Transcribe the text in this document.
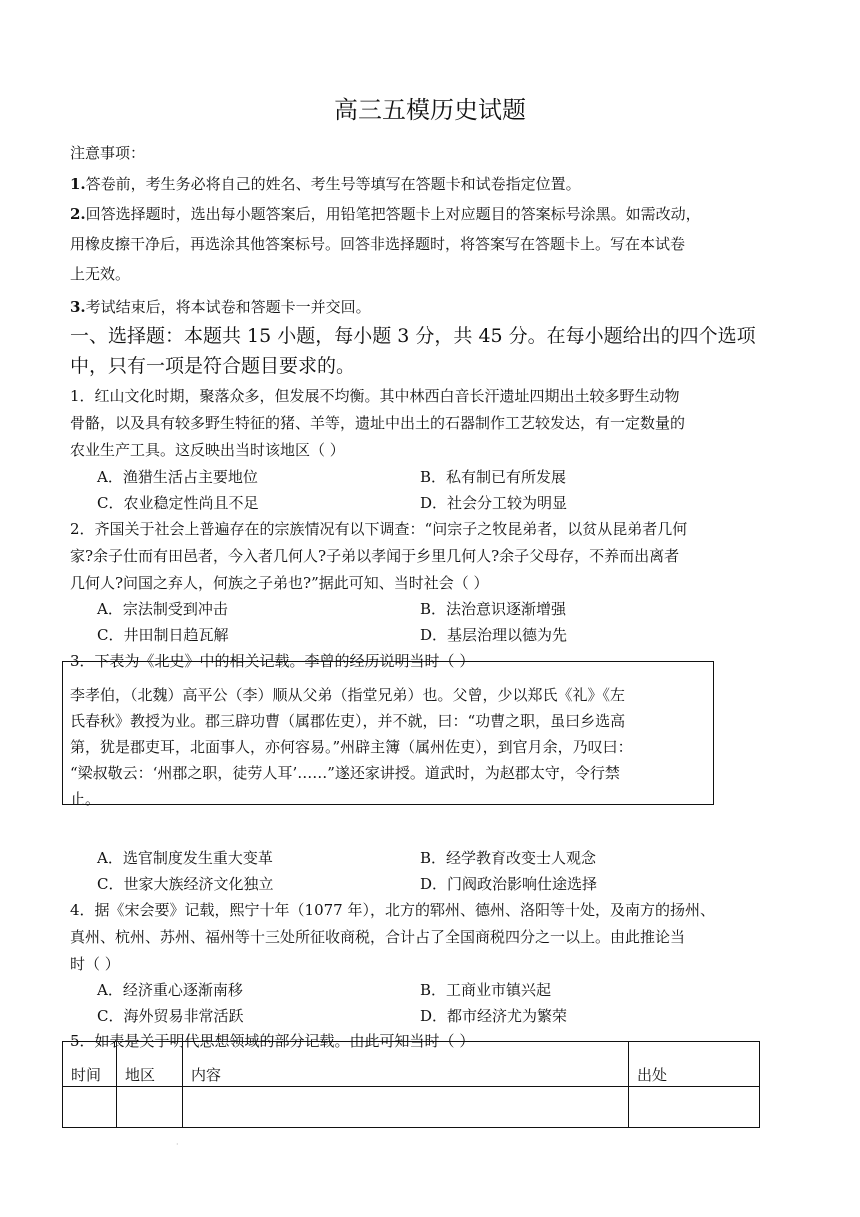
高三五模历史试题
注意事项：
1.答卷前，考生务必将自己的姓名、考生号等填写在答题卡和试卷指定位置。
2.回答选择题时，选出每小题答案后，用铅笔把答题卡上对应题目的答案标号涂黑。如需改动，
用橡皮擦干净后，再选涂其他答案标号。回答非选择题时，将答案写在答题卡上。写在本试卷
上无效。
3.考试结束后，将本试卷和答题卡一并交回。
一、选择题：本题共 15 小题，每小题 3 分，共 45 分。在每小题给出的四个选项
中，只有一项是符合题目要求的。
1．红山文化时期，聚落众多，但发展不均衡。其中林西白音长汗遗址四期出土较多野生动物
骨骼，以及具有较多野生特征的猪、羊等，遗址中出土的石器制作工艺较发达，有一定数量的
农业生产工具。这反映出当时该地区（ ）
A．渔猎生活占主要地位	B．私有制已有所发展
C．农业稳定性尚且不足	D．社会分工较为明显
2．齐国关于社会上普遍存在的宗族情况有以下调查：“问宗子之牧昆弟者，以贫从昆弟者几何
家?余子仕而有田邑者，今入者几何人?子弟以孝闻于乡里几何人?余子父母存，不养而出离者
几何人?问国之弃人，何族之子弟也?”据此可知、当时社会（ ）
A．宗法制受到冲击	B．法治意识逐渐增强
C．井田制日趋瓦解	D．基层治理以德为先
3．下表为《北史》中的相关记载。李曾的经历说明当时（ ）
李孝伯，（北魏）高平公（李）顺从父弟（指堂兄弟）也。父曾，少以郑氏《礼》《左
氏春秋》教授为业。郡三辟功曹（属郡佐吏），并不就，曰：“功曹之职，虽曰乡选高
第，犹是郡吏耳，北面事人，亦何容易。”州辟主簿（属州佐吏），到官月余，乃叹曰：
“梁叔敬云：‘州郡之职，徒劳人耳’……”遂还家讲授。道武时，为赵郡太守，令行禁
止。
A．选官制度发生重大变革	B．经学教育改变士人观念
C．世家大族经济文化独立	D．门阀政治影响仕途选择
4．据《宋会要》记载，熙宁十年（1077 年），北方的郓州、德州、洛阳等十处，及南方的扬州、
真州、杭州、苏州、福州等十三处所征收商税，合计占了全国商税四分之一以上。由此推论当
时（ ）
A．经济重心逐渐南移	B．工商业市镇兴起
C．海外贸易非常活跃	D．都市经济尤为繁荣
5．如表是关于明代思想领域的部分记载。由此可知当时（ ）
时间	地区	内容	出处

·
